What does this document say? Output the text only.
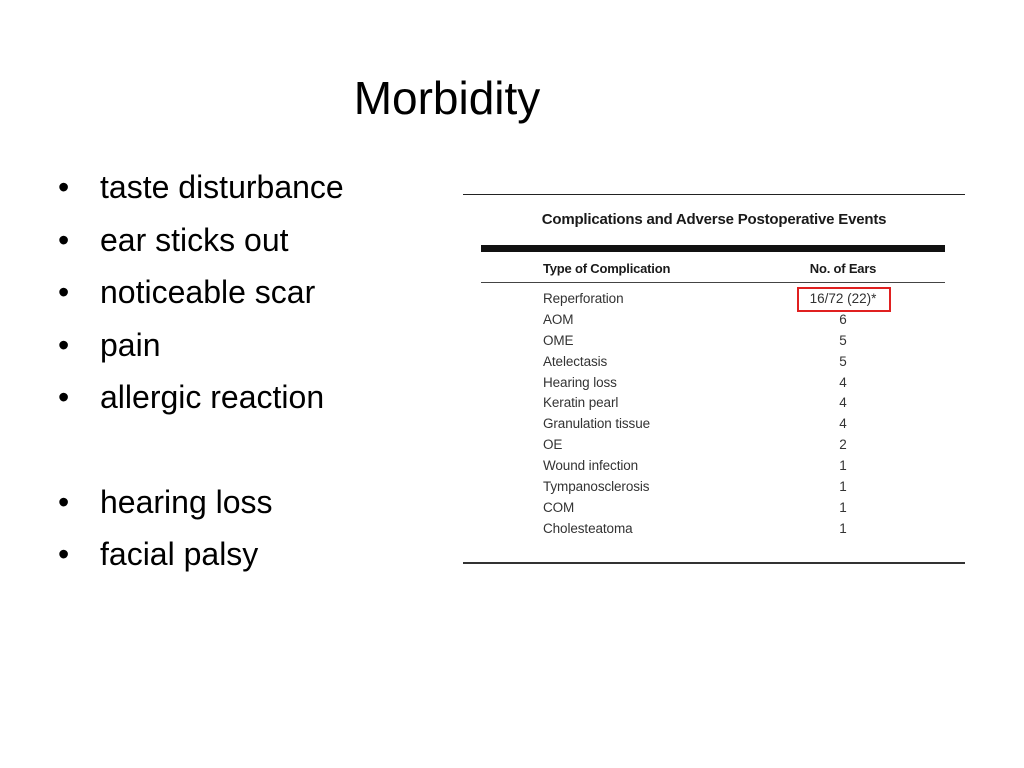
Morbidity
• taste disturbance
• ear sticks out
• noticeable scar
• pain
• allergic reaction
• hearing loss
• facial palsy
Complications and Adverse Postoperative Events
Type of Complication	No. of Ears
Reperforation	16/72 (22)*
AOM	6
OME	5
Atelectasis	5
Hearing loss	4
Keratin pearl	4
Granulation tissue	4
OE	2
Wound infection	1
Tympanosclerosis	1
COM	1
Cholesteatoma	1
